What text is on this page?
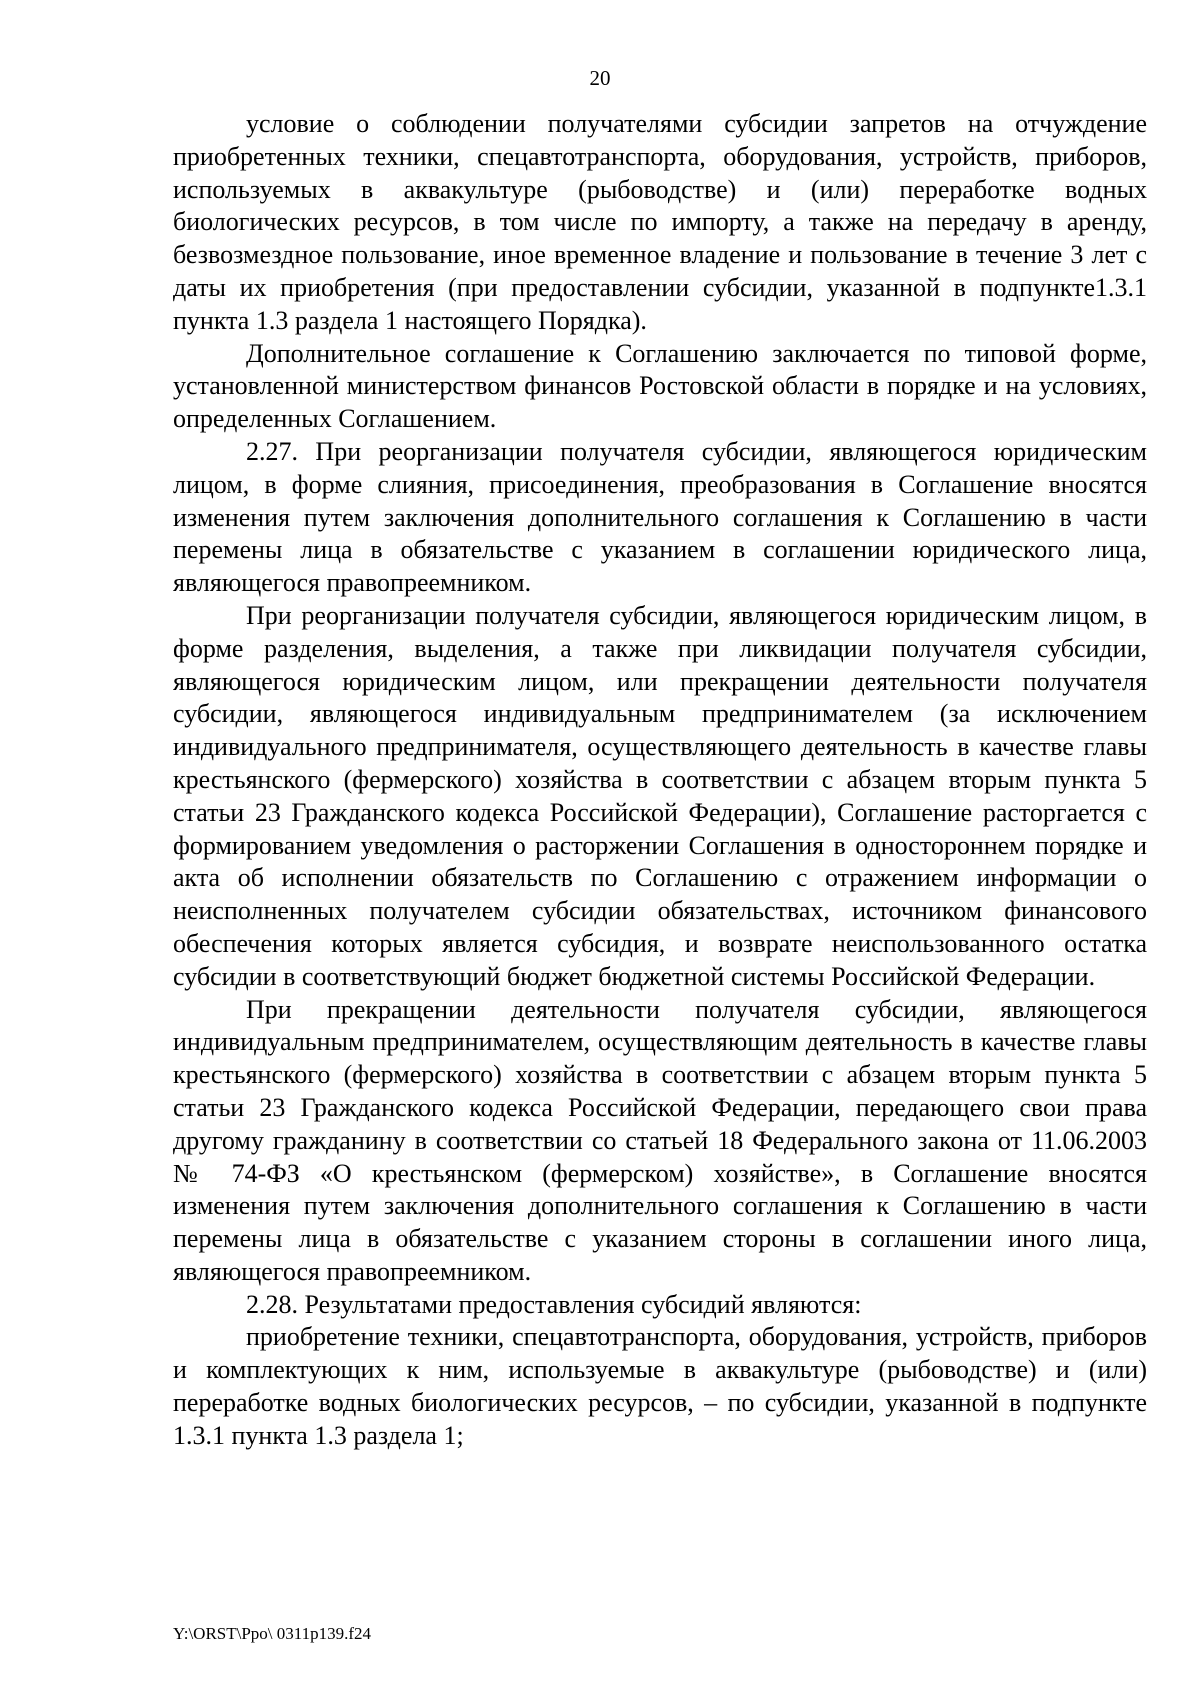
20

условие о соблюдении получателями субсидии запретов на отчуждение приобретенных техники, спецавтотранспорта, оборудования, устройств, приборов, используемых в аквакультуре (рыбоводстве) и (или) переработке водных биологических ресурсов, в том числе по импорту, а также на передачу в аренду, безвозмездное пользование, иное временное владение и пользование в течение 3 лет с даты их приобретения (при предоставлении субсидии, указанной в подпункте1.3.1 пункта 1.3 раздела 1 настоящего Порядка).

Дополнительное соглашение к Соглашению заключается по типовой форме, установленной министерством финансов Ростовской области в порядке и на условиях, определенных Соглашением.

2.27. При реорганизации получателя субсидии, являющегося юридическим лицом, в форме слияния, присоединения, преобразования в Соглашение вносятся изменения путем заключения дополнительного соглашения к Соглашению в части перемены лица в обязательстве с указанием в соглашении юридического лица, являющегося правопреемником.

При реорганизации получателя субсидии, являющегося юридическим лицом, в форме разделения, выделения, а также при ликвидации получателя субсидии, являющегося юридическим лицом, или прекращении деятельности получателя субсидии, являющегося индивидуальным предпринимателем (за исключением индивидуального предпринимателя, осуществляющего деятельность в качестве главы крестьянского (фермерского) хозяйства в соответствии с абзацем вторым пункта 5 статьи 23 Гражданского кодекса Российской Федерации), Соглашение расторгается с формированием уведомления о расторжении Соглашения в одностороннем порядке и акта об исполнении обязательств по Соглашению с отражением информации о неисполненных получателем субсидии обязательствах, источником финансового обеспечения которых является субсидия, и возврате неиспользованного остатка субсидии в соответствующий бюджет бюджетной системы Российской Федерации.

При прекращении деятельности получателя субсидии, являющегося индивидуальным предпринимателем, осуществляющим деятельность в качестве главы крестьянского (фермерского) хозяйства в соответствии с абзацем вторым пункта 5 статьи 23 Гражданского кодекса Российской Федерации, передающего свои права другому гражданину в соответствии со статьей 18 Федерального закона от 11.06.2003 № 74-ФЗ «О крестьянском (фермерском) хозяйстве», в Соглашение вносятся изменения путем заключения дополнительного соглашения к Соглашению в части перемены лица в обязательстве с указанием стороны в соглашении иного лица, являющегося правопреемником.

2.28. Результатами предоставления субсидий являются:

приобретение техники, спецавтотранспорта, оборудования, устройств, приборов и комплектующих к ним, используемые в аквакультуре (рыбоводстве) и (или) переработке водных биологических ресурсов, – по субсидии, указанной в подпункте 1.3.1 пункта 1.3 раздела 1;

Y:\ORST\Ppo\ 0311p139.f24
